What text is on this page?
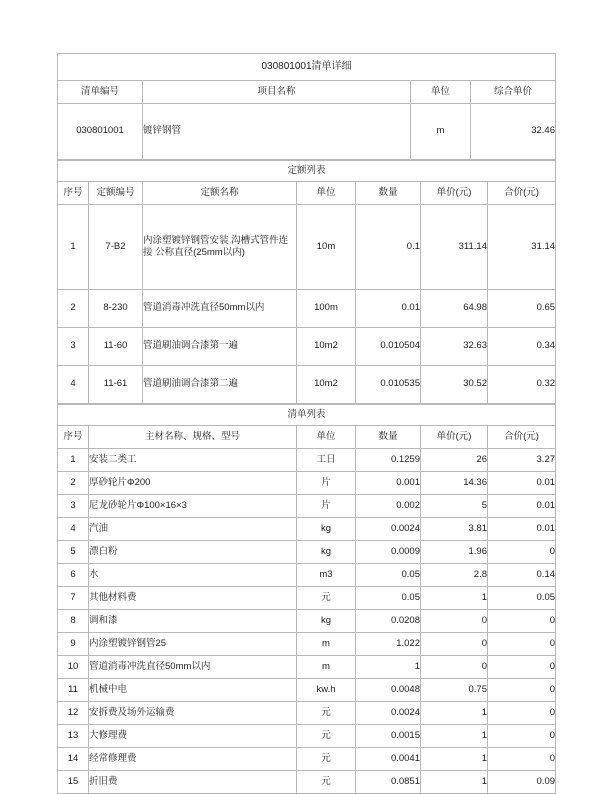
030801001清单详细			
清单编号	项目名称	单位	综合单价
030801001	镀锌钢管	m	32.46
定额列表						
序号	定额编号	定额名称	单位	数量	单价(元)	合价(元)
1	7-B2	内涂塑镀锌钢管安装 沟槽式管件连接 公称直径(25mm以内)	10m	0.1	311.14	31.14
2	8-230	管道消毒冲洗直径50mm以内	100m	0.01	64.98	0.65
3	11-60	管道刷油调合漆第一遍	10m2	0.010504	32.63	0.34
4	11-61	管道刷油调合漆第二遍	10m2	0.010535	30.52	0.32
清单列表					
序号	主材名称、规格、型号	单位	数量	单价(元)	合价(元)
1	安装二类工	工日	0.1259	26	3.27
2	厚砂轮片Φ200	片	0.001	14.36	0.01
3	尼龙砂轮片Φ100×16×3	片	0.002	5	0.01
4	汽油	kg	0.0024	3.81	0.01
5	漂白粉	kg	0.0009	1.96	0
6	水	m3	0.05	2.8	0.14
7	其他材料费	元	0.05	1	0.05
8	调和漆	kg	0.0208	0	0
9	内涂塑镀锌钢管25	m	1.022	0	0
10	管道消毒冲洗直径50mm以内	m	1	0	0
11	机械中电	kw.h	0.0048	0.75	0
12	安拆费及场外运输费	元	0.0024	1	0
13	大修理费	元	0.0015	1	0
14	经常修理费	元	0.0041	1	0
15	折旧费	元	0.0851	1	0.09
